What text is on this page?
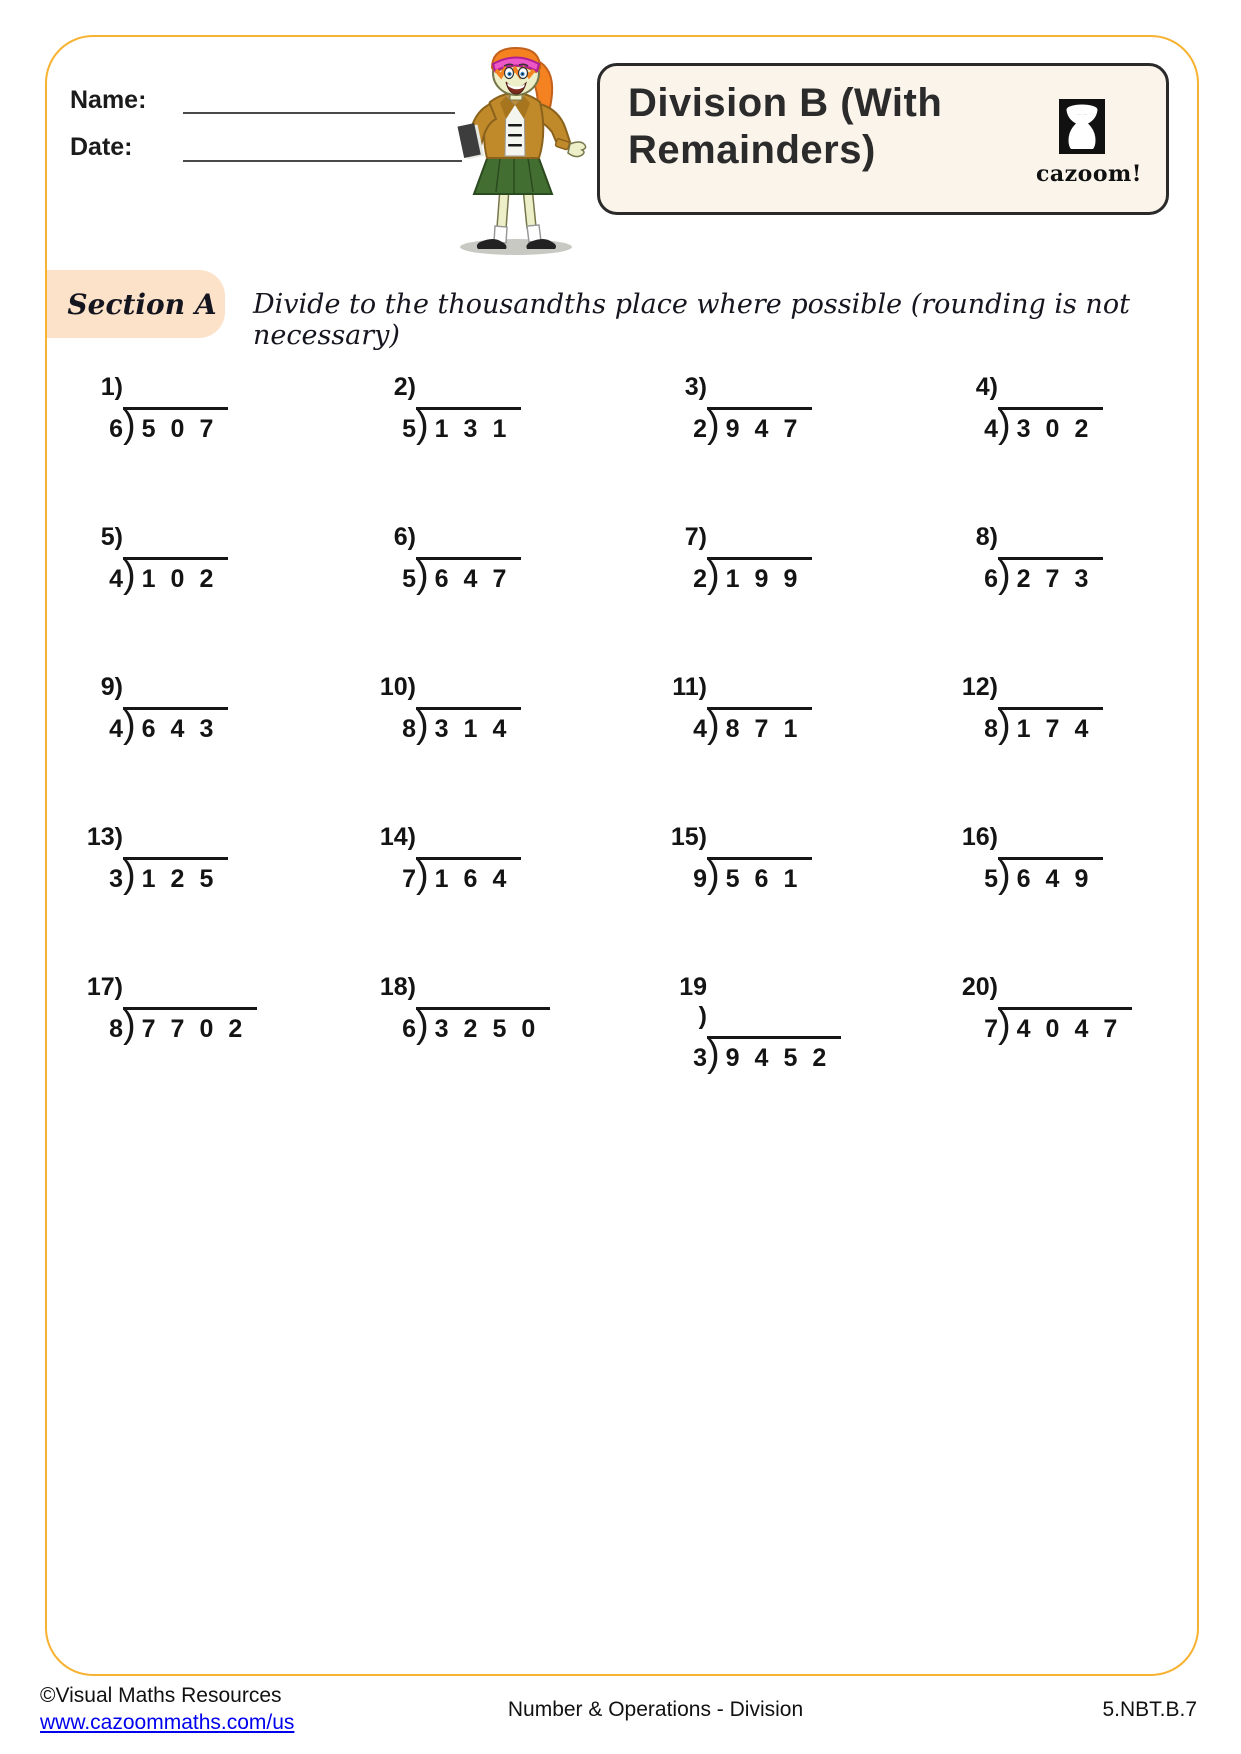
Name:
Date:
Division B (With Remainders)
cazoom!
Section A Divide to the thousandths place where possible (rounding is not necessary)
1)
6 ) 507
2)
5 ) 131
3)
2 ) 947
4)
4 ) 302
5)
4 ) 102
6)
5 ) 647
7)
2 ) 199
8)
6 ) 273
9)
4 ) 643
10)
8 ) 314
11)
4 ) 871
12)
8 ) 174
13)
3 ) 125
14)
7 ) 164
15)
9 ) 561
16)
5 ) 649
17)
8 ) 7702
18)
6 ) 3250
19 )
3 ) 9452
20)
7 ) 4047
©Visual Maths Resources
www.cazoommaths.com/us
Number & Operations - Division	5.NBT.B.7
